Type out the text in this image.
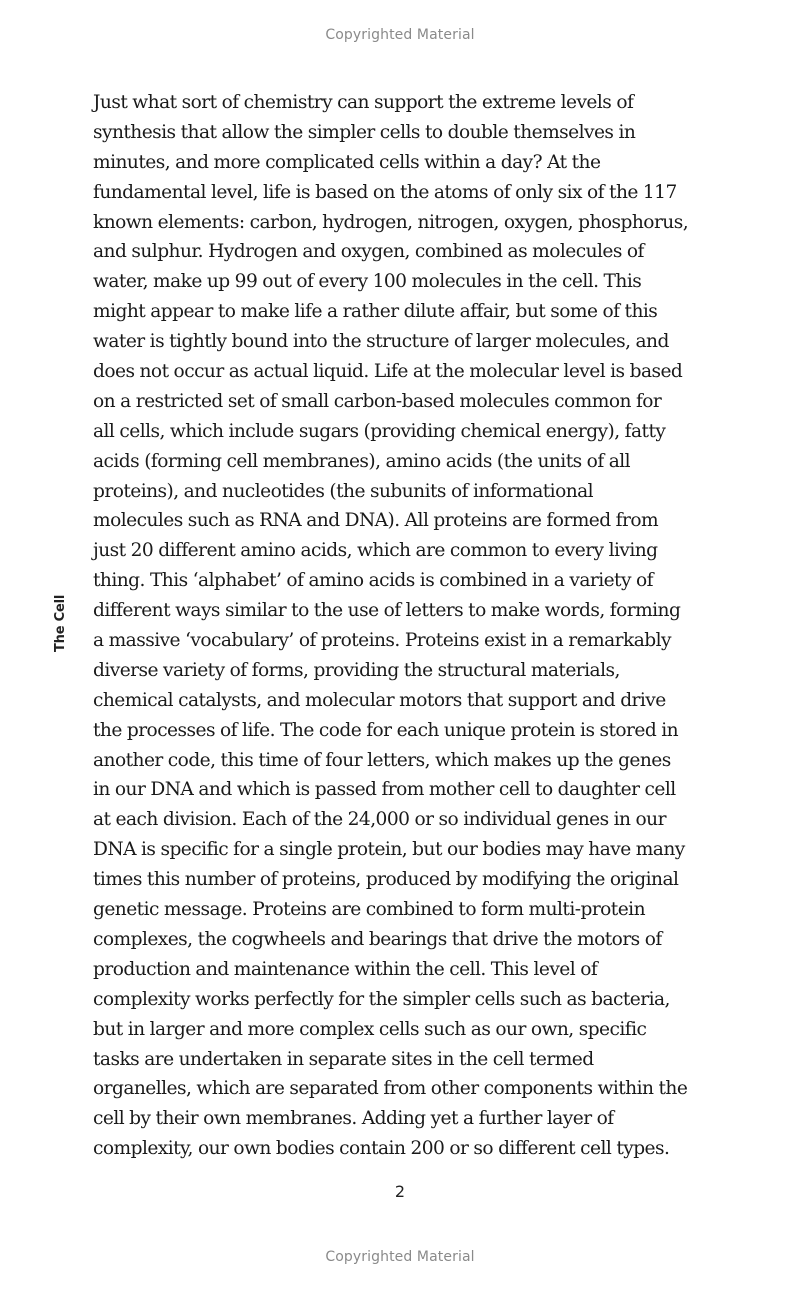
Copyrighted Material
The Cell
Just what sort of chemistry can support the extreme levels of
synthesis that allow the simpler cells to double themselves in
minutes, and more complicated cells within a day? At the
fundamental level, life is based on the atoms of only six of the 117
known elements: carbon, hydrogen, nitrogen, oxygen, phosphorus,
and sulphur. Hydrogen and oxygen, combined as molecules of
water, make up 99 out of every 100 molecules in the cell. This
might appear to make life a rather dilute affair, but some of this
water is tightly bound into the structure of larger molecules, and
does not occur as actual liquid. Life at the molecular level is based
on a restricted set of small carbon-based molecules common for
all cells, which include sugars (providing chemical energy), fatty
acids (forming cell membranes), amino acids (the units of all
proteins), and nucleotides (the subunits of informational
molecules such as RNA and DNA). All proteins are formed from
just 20 different amino acids, which are common to every living
thing. This ‘alphabet’ of amino acids is combined in a variety of
different ways similar to the use of letters to make words, forming
a massive ‘vocabulary’ of proteins. Proteins exist in a remarkably
diverse variety of forms, providing the structural materials,
chemical catalysts, and molecular motors that support and drive
the processes of life. The code for each unique protein is stored in
another code, this time of four letters, which makes up the genes
in our DNA and which is passed from mother cell to daughter cell
at each division. Each of the 24,000 or so individual genes in our
DNA is specific for a single protein, but our bodies may have many
times this number of proteins, produced by modifying the original
genetic message. Proteins are combined to form multi-protein
complexes, the cogwheels and bearings that drive the motors of
production and maintenance within the cell. This level of
complexity works perfectly for the simpler cells such as bacteria,
but in larger and more complex cells such as our own, specific
tasks are undertaken in separate sites in the cell termed
organelles, which are separated from other components within the
cell by their own membranes. Adding yet a further layer of
complexity, our own bodies contain 200 or so different cell types.
2
Copyrighted Material
